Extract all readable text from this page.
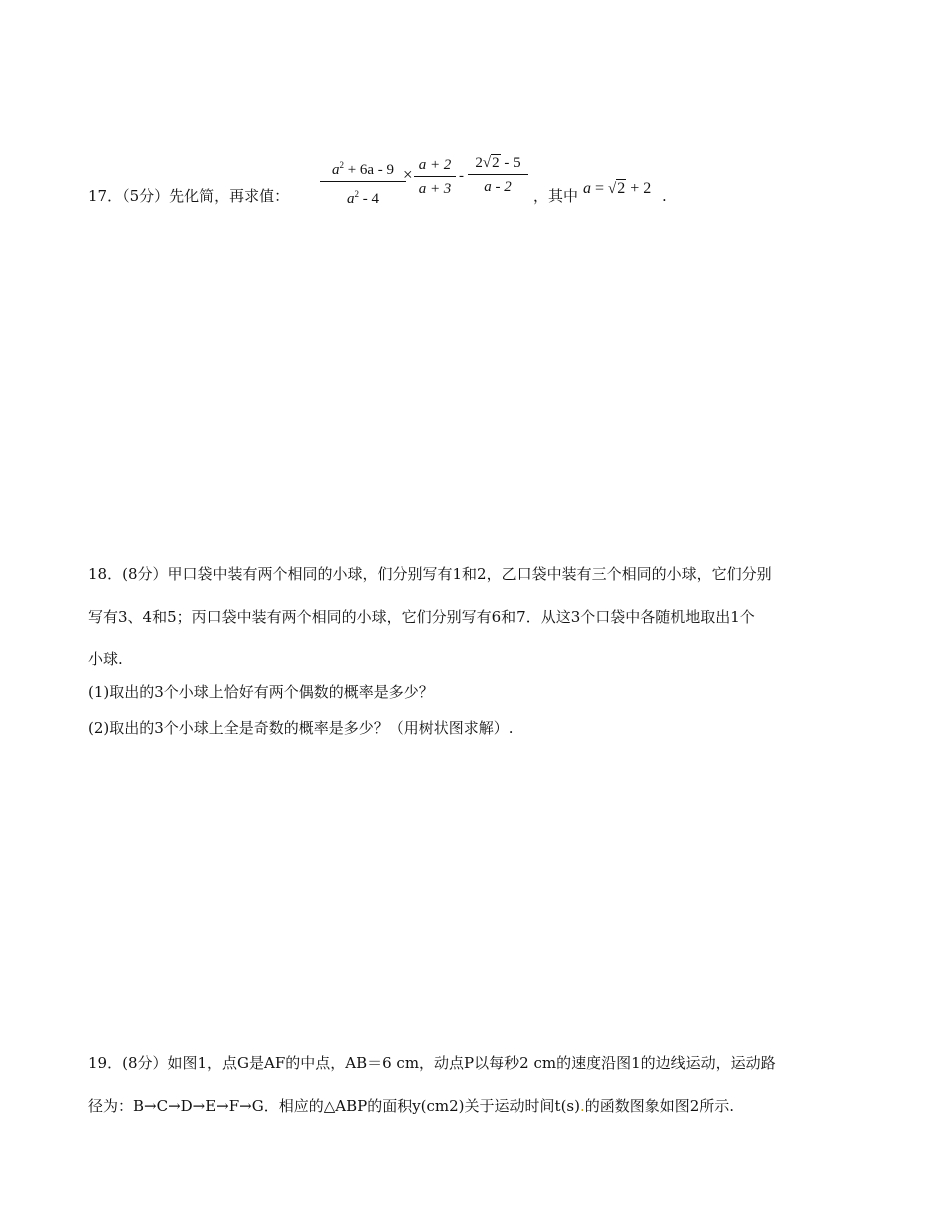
17．（5分）先化简，再求值： $\frac{a^2 + 6a - 9}{a^2 - 4}$
× $\frac{a + 2}{a + 3} - \frac{2√2 - 5}{a - 2}$ ，其中 a = √2 + 2 .
18．(8分）甲口袋中装有两个相同的小球，们分别写有1和2，乙口袋中装有三个相同的小球，它们分别
写有3、4和5；丙口袋中装有两个相同的小球，它们分别写有6和7．从这3个口袋中各随机地取出1个
小球.
(1)取出的3个小球上恰好有两个偶数的概率是多少？
(2)取出的3个小球上全是奇数的概率是多少？（用树状图求解）.
19．(8分）如图1，点G是AF的中点，AB＝6 cm，动点P以每秒2 cm的速度沿图1的边线运动，运动路
径为：B→C→D→E→F→G．相应的△ABP的面积y(cm2)关于运动时间t(s).的函数图象如图2所示.
